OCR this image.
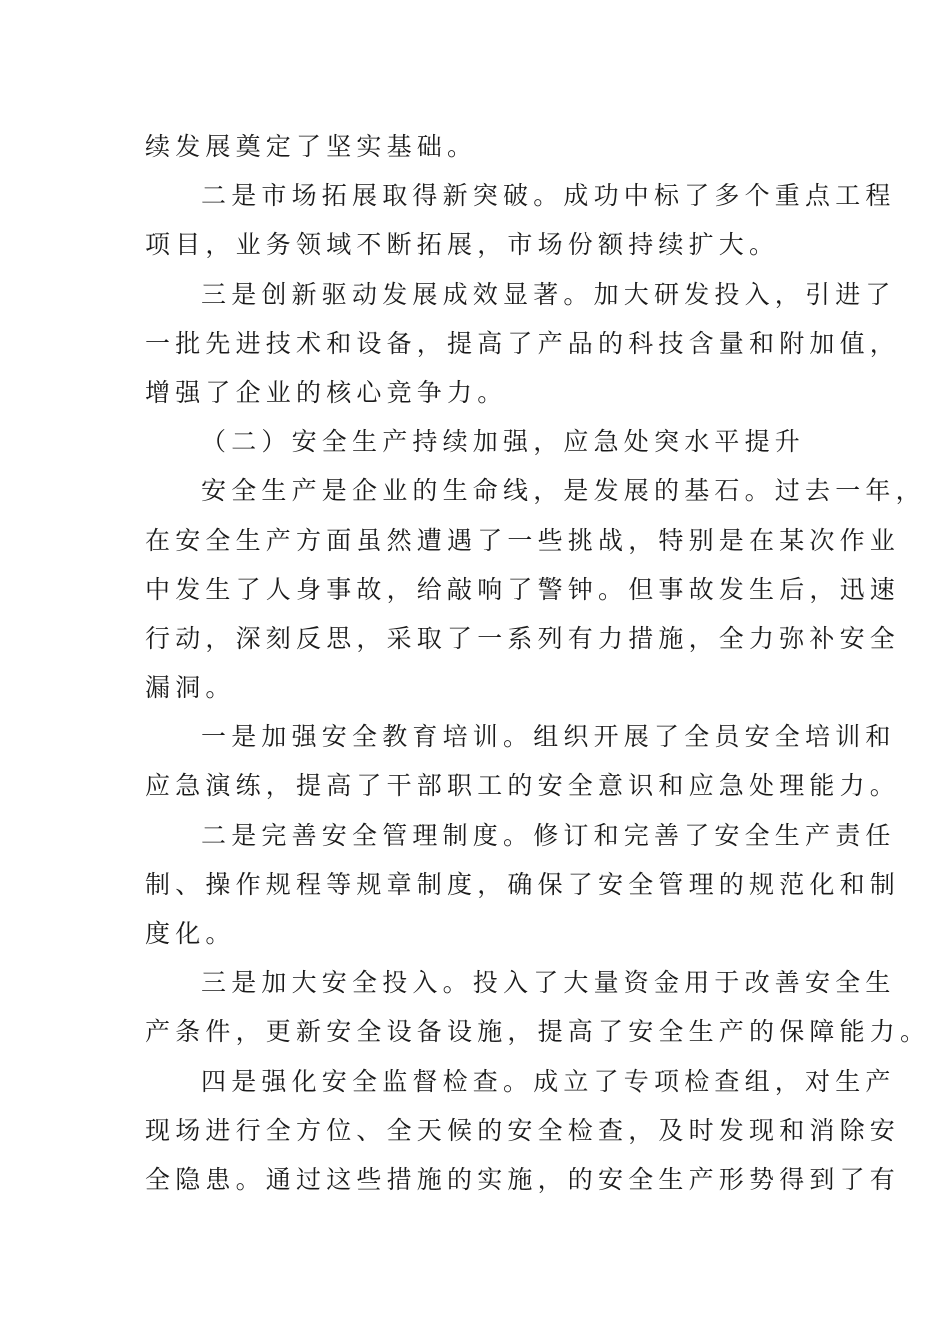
续发展奠定了坚实基础。
二是市场拓展取得新突破。成功中标了多个重点工程
项目，业务领域不断拓展，市场份额持续扩大。
三是创新驱动发展成效显著。加大研发投入，引进了
一批先进技术和设备，提高了产品的科技含量和附加值，
增强了企业的核心竞争力。
（二）安全生产持续加强，应急处突水平提升
安全生产是企业的生命线，是发展的基石。过去一年，
在安全生产方面虽然遭遇了一些挑战，特别是在某次作业
中发生了人身事故，给敲响了警钟。但事故发生后，迅速
行动，深刻反思，采取了一系列有力措施，全力弥补安全
漏洞。
一是加强安全教育培训。组织开展了全员安全培训和
应急演练，提高了干部职工的安全意识和应急处理能力。
二是完善安全管理制度。修订和完善了安全生产责任
制、操作规程等规章制度，确保了安全管理的规范化和制
度化。
三是加大安全投入。投入了大量资金用于改善安全生
产条件，更新安全设备设施，提高了安全生产的保障能力。
四是强化安全监督检查。成立了专项检查组，对生产
现场进行全方位、全天候的安全检查，及时发现和消除安
全隐患。通过这些措施的实施，的安全生产形势得到了有
